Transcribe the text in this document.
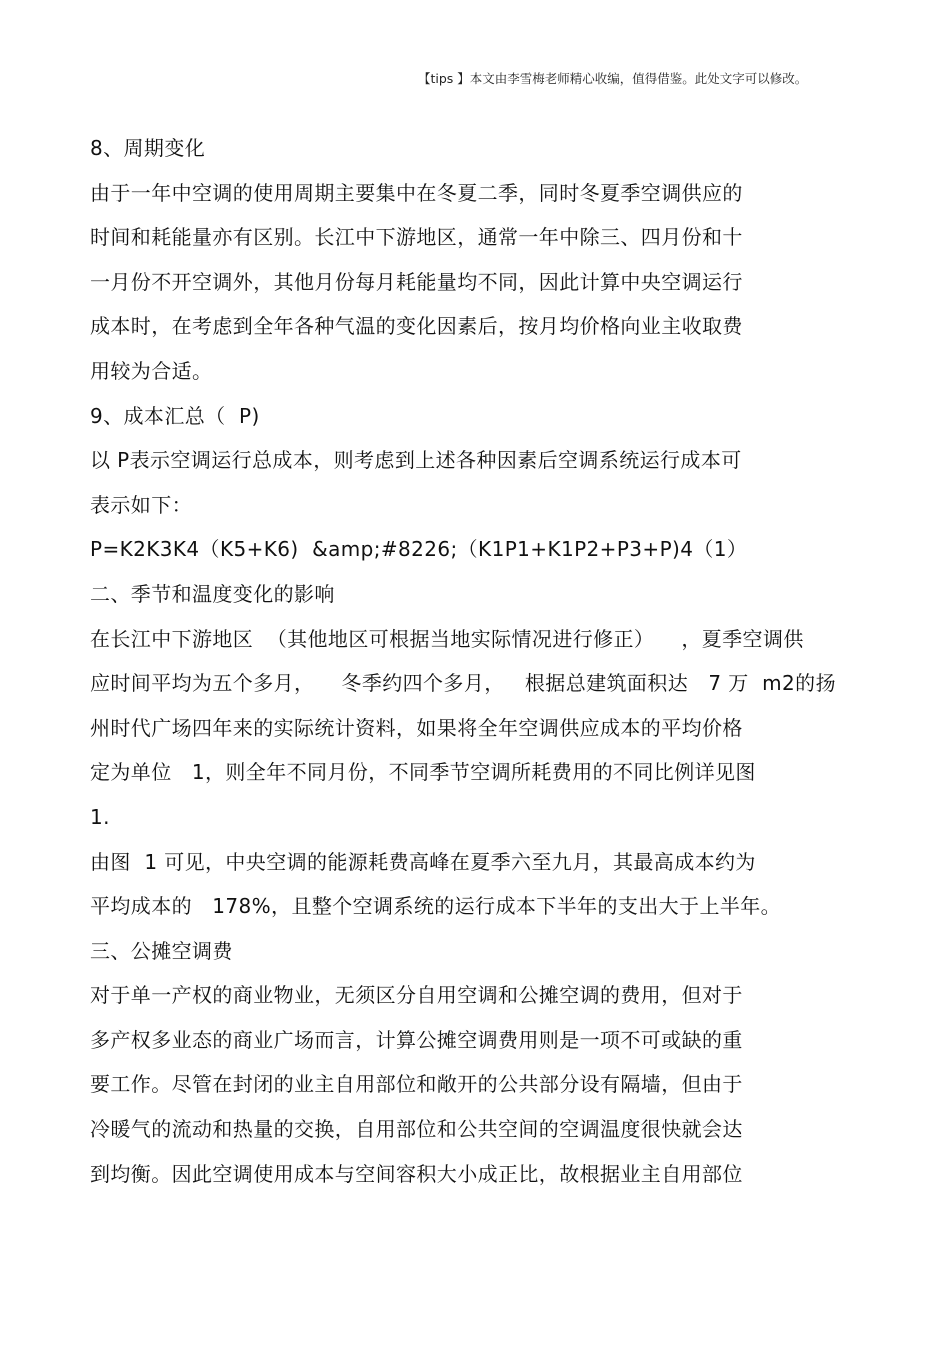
【tips 】本文由李雪梅老师精心收编，值得借鉴。此处文字可以修改。
8、周期变化
由于一年中空调的使用周期主要集中在冬夏二季，同时冬夏季空调供应的
时间和耗能量亦有区别。长江中下游地区，通常一年中除三、四月份和十
一月份不开空调外，其他月份每月耗能量均不同，因此计算中央空调运行
成本时，在考虑到全年各种气温的变化因素后，按月均价格向业主收取费
用较为合适。
9、成本汇总（  P)
以 P表示空调运行总成本，则考虑到上述各种因素后空调系统运行成本可
表示如下：
P=K2K3K4（K5+K6)  &amp;#8226;（K1P1+K1P2+P3+P)4（1）
二、季节和温度变化的影响
在长江中下游地区  （其他地区可根据当地实际情况进行修正）    ，夏季空调供
应时间平均为五个多月，    冬季约四个多月，   根据总建筑面积达   7 万  m2的扬
州时代广场四年来的实际统计资料，如果将全年空调供应成本的平均价格
定为单位   1，则全年不同月份，不同季节空调所耗费用的不同比例详见图
1.
由图  1 可见，中央空调的能源耗费高峰在夏季六至九月，其最高成本约为
平均成本的   178%，且整个空调系统的运行成本下半年的支出大于上半年。
三、公摊空调费
对于单一产权的商业物业，无须区分自用空调和公摊空调的费用，但对于
多产权多业态的商业广场而言，计算公摊空调费用则是一项不可或缺的重
要工作。尽管在封闭的业主自用部位和敞开的公共部分设有隔墙，但由于
冷暖气的流动和热量的交换，自用部位和公共空间的空调温度很快就会达
到均衡。因此空调使用成本与空间容积大小成正比，故根据业主自用部位
